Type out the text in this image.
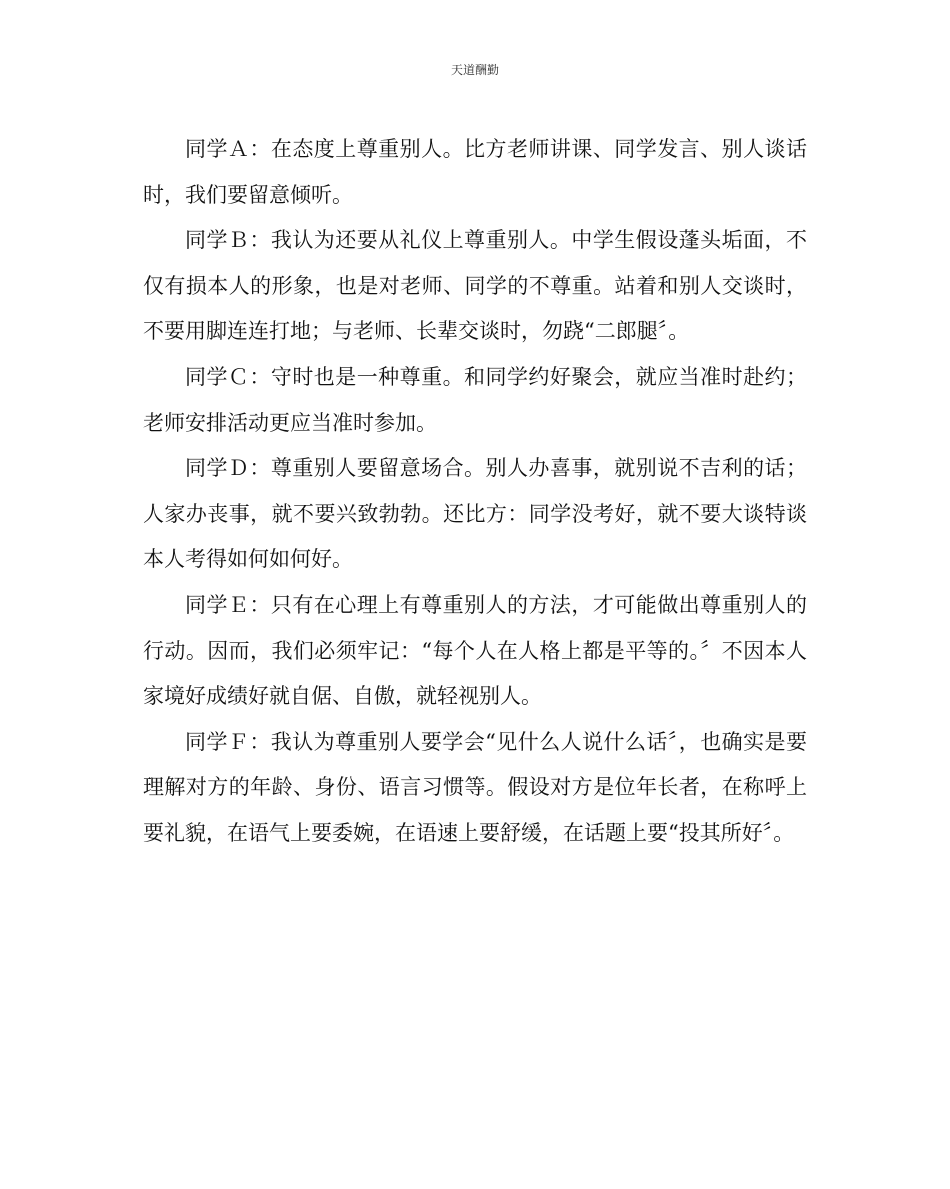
天道酬勤

同学Ａ：在态度上尊重别人。比方老师讲课、同学发言、别人谈话时，我们要留意倾听。

同学Ｂ：我认为还要从礼仪上尊重别人。中学生假设蓬头垢面，不仅有损本人的形象，也是对老师、同学的不尊重。站着和别人交谈时，不要用脚连连打地；与老师、长辈交谈时，勿跷“二郎腿〞。

同学Ｃ：守时也是一种尊重。和同学约好聚会，就应当准时赴约；老师安排活动更应当准时参加。

同学Ｄ：尊重别人要留意场合。别人办喜事，就别说不吉利的话；人家办丧事，就不要兴致勃勃。还比方：同学没考好，就不要大谈特谈本人考得如何如何好。

同学Ｅ：只有在心理上有尊重别人的方法，才可能做出尊重别人的行动。因而，我们必须牢记：“每个人在人格上都是平等的。〞不因本人家境好成绩好就自倨、自傲，就轻视别人。

同学Ｆ：我认为尊重别人要学会“见什么人说什么话〞，也确实是要理解对方的年龄、身份、语言习惯等。假设对方是位年长者，在称呼上要礼貌，在语气上要委婉，在语速上要舒缓，在话题上要“投其所好〞。
